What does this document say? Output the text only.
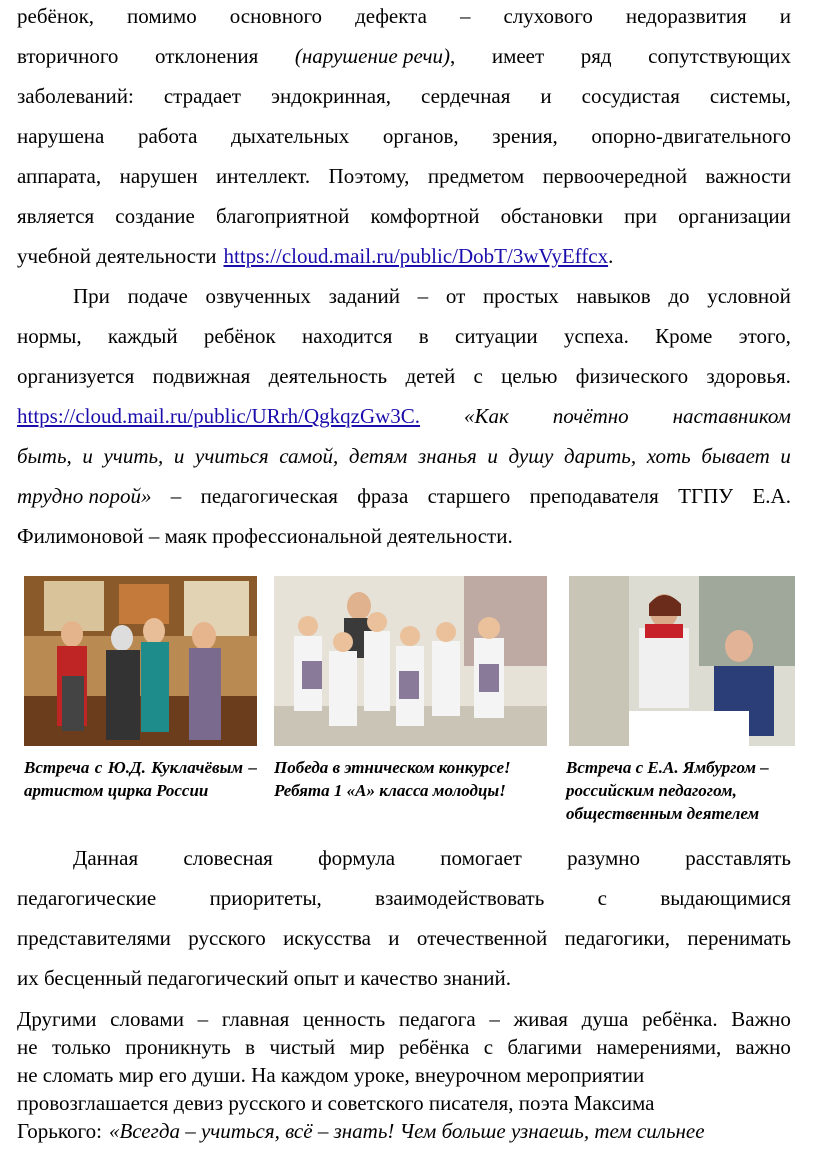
ребёнок, помимо основного дефекта – слухового недоразвития и
вторичного отклонения (нарушение речи), имеет ряд сопутствующих
заболеваний: страдает эндокринная, сердечная и сосудистая системы,
нарушена работа дыхательных органов, зрения, опорно-двигательного
аппарата, нарушен интеллект. Поэтому, предметом первоочередной важности
является создание благоприятной комфортной обстановки при организации
учебной деятельности https://cloud.mail.ru/public/DobT/3wVyEffcx.
При подаче озвученных заданий – от простых навыков до условной
нормы, каждый ребёнок находится в ситуации успеха. Кроме этого,
организуется подвижная деятельность детей с целью физического здоровья.
https://cloud.mail.ru/public/URrh/QgkqzGw3C. «Как почётно наставником
быть, и учить, и учиться самой, детям знанья и душу дарить, хоть бывает и
трудно порой» – педагогическая фраза старшего преподавателя ТГПУ Е.А.
Филимоновой – маяк профессиональной деятельности.
Встреча с Ю.Д. Куклачёвым – артистом цирка России
Победа в этническом конкурсе! Ребята 1 «А» класса молодцы!
Встреча с Е.А. Ямбургом – российским педагогом, общественным деятелем
Данная словесная формула помогает разумно расставлять
педагогические	приоритеты,	взаимодействовать	с	выдающимися
представителями русского искусства и отечественной педагогики, перенимать
их бесценный педагогический опыт и качество знаний.
Другими словами – главная ценность педагога – живая душа ребёнка. Важно
не только проникнуть в чистый мир ребёнка с благими намерениями, важно
не сломать мир его души. На каждом уроке, внеурочном мероприятии
провозглашается девиз русского и советского писателя, поэта Максима
Горького: «Всегда – учиться, всё – знать! Чем больше узнаешь, тем сильнее
